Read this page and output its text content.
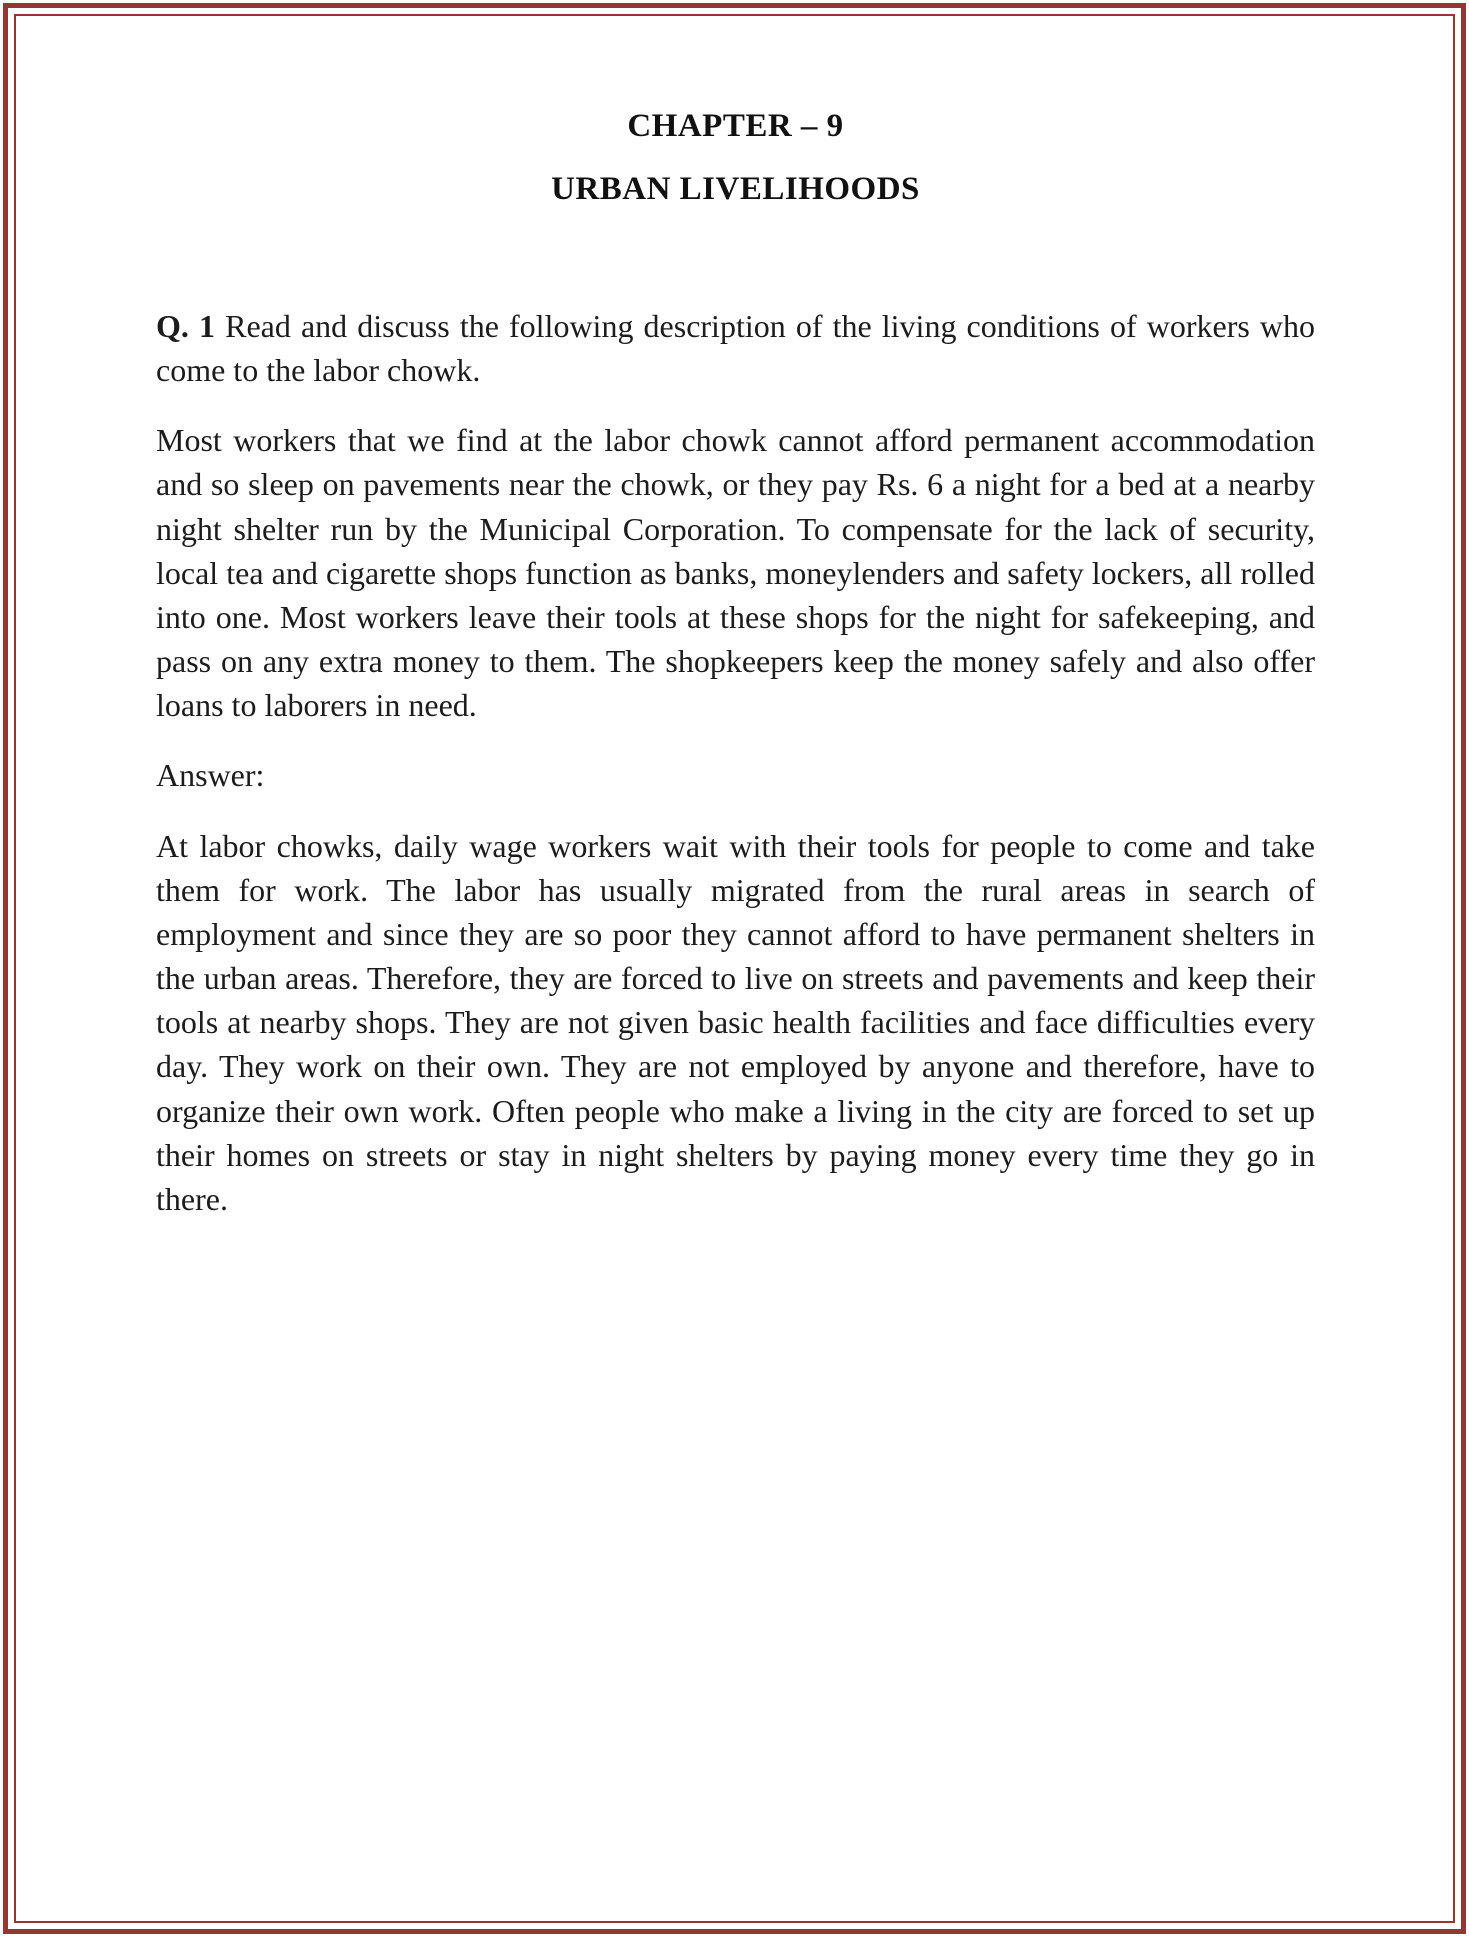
CHAPTER – 9
URBAN LIVELIHOODS

Q. 1 Read and discuss the following description of the living conditions of workers who come to the labor chowk.

Most workers that we find at the labor chowk cannot afford permanent accommodation and so sleep on pavements near the chowk, or they pay Rs. 6 a night for a bed at a nearby night shelter run by the Municipal Corporation. To compensate for the lack of security, local tea and cigarette shops function as banks, moneylenders and safety lockers, all rolled into one. Most workers leave their tools at these shops for the night for safekeeping, and pass on any extra money to them. The shopkeepers keep the money safely and also offer loans to laborers in need.

Answer:

At labor chowks, daily wage workers wait with their tools for people to come and take them for work. The labor has usually migrated from the rural areas in search of employment and since they are so poor they cannot afford to have permanent shelters in the urban areas. Therefore, they are forced to live on streets and pavements and keep their tools at nearby shops. They are not given basic health facilities and face difficulties every day. They work on their own. They are not employed by anyone and therefore, have to organize their own work. Often people who make a living in the city are forced to set up their homes on streets or stay in night shelters by paying money every time they go in there.
